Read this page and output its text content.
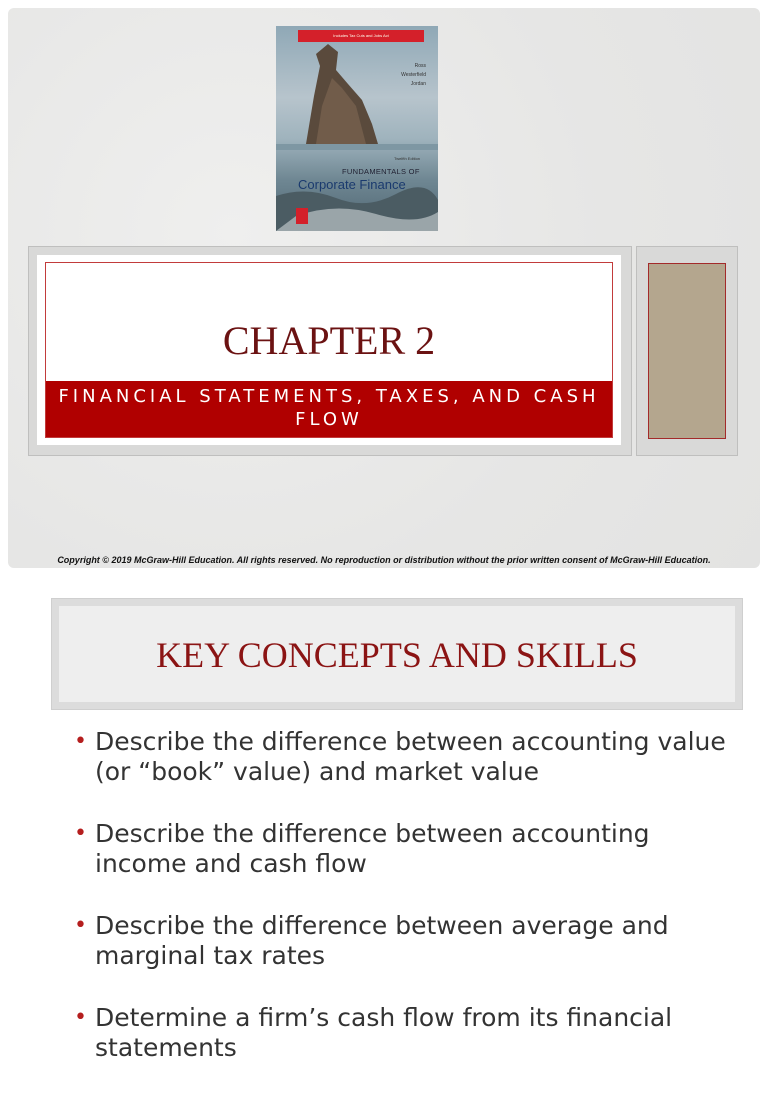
Includes Tax Cuts and Jobs Act
Ross
Westerfield
Jordan
Twelfth Edition
FUNDAMENTALS OF
Corporate Finance
CHAPTER 2
FINANCIAL STATEMENTS, TAXES, AND CASH FLOW
Copyright © 2019 McGraw-Hill Education. All rights reserved. No reproduction or distribution without the prior written consent of McGraw-Hill Education.
KEY CONCEPTS AND SKILLS
• Describe the difference between accounting value (or “book” value) and market value
• Describe the difference between accounting income and cash flow
• Describe the difference between average and marginal tax rates
• Determine a firm’s cash flow from its financial statements
